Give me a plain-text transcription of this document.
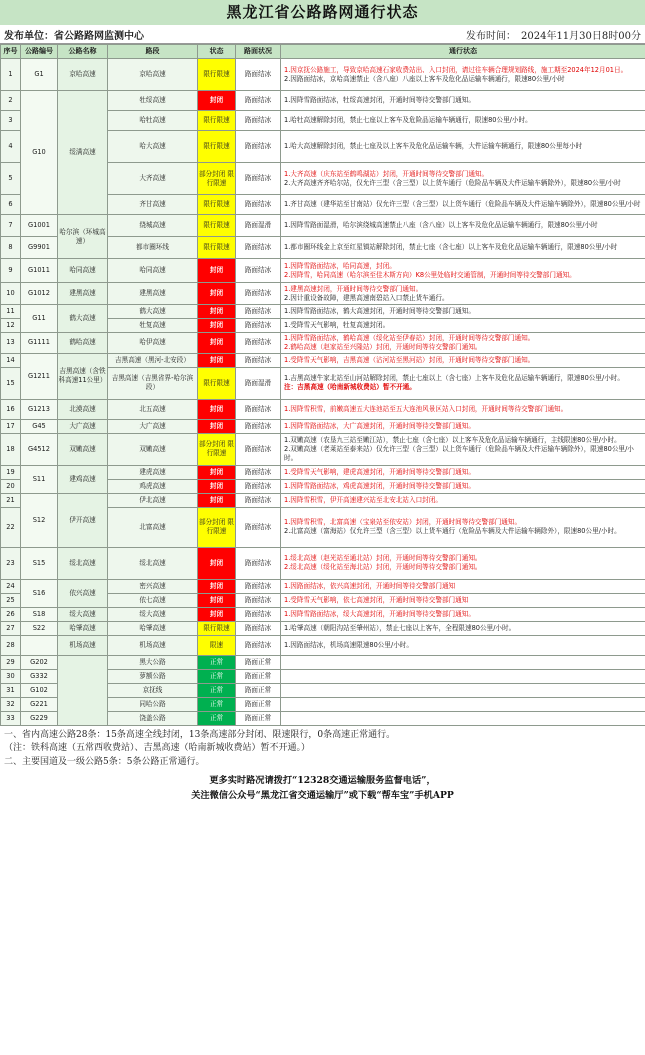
黑龙江省公路路网通行状态
发布单位：省公路路网监测中心	发布时间：　2024年11月30日8时00分
序号	公路编号	公路名称	路段	状态	路面状况	通行状态
1	G1	京哈高速	京哈高速	限行限速	路面结冰	1.因京抚公路施工，导致京哈高速石家收费站出、入口封闭，请过往车辆合理规划路线，施工期至2024年12月01日。
2.因路面结冰，京哈高速禁止（含八座）八座以上客车及危化品运输车辆通行，限速80公里/小时

2	G10	绥满高速	牡绥高速	封闭	路面结冰	1.因降雪路面结冰，牡绥高速封闭，开通时间等待交警部门通知。

3			哈牡高速	限行限速	路面结冰	1.哈牡高速解除封闭，禁止七座以上客车及危险品运输车辆通行，限速80公里/小时。

4			哈大高速	限行限速	路面结冰	1.哈大高速解除封闭，禁止七座及以上客车及危化品运输车辆，大件运输车辆通行，限速80公里每小时

5			大齐高速	部分封闭 限行限速	路面结冰	1.大齐高速（庆东站至鹤鸣湖站）封闭，开通时间等待交警部门通知。
2.大齐高速齐齐哈尔站，仅允许三型（含三型）以上货车通行（危险品车辆及大件运输车辆除外），限速80公里/小时

6			齐甘高速	限行限速	路面结冰	1.齐甘高速（建华站至甘南站）仅允许三型（含三型）以上货车通行（危险品车辆及大件运输车辆除外），限速80公里/小时

7	G1001	哈尔滨（环城高速）	绕城高速	限行限速	路面湿滑	1.因降雪路面湿滑，哈尔滨绕城高速禁止八座（含八座）以上客车及危化品运输车辆通行，限速80公里/小时

8	G9901		都市圈环线	限行限速	路面结冰	1.都市圈环线金上京至红星镇站解除封闭，禁止七座（含七座）以上客车及危化品运输车辆通行，限速80公里/小时

9	G1011	哈同高速	哈同高速	封闭	路面结冰	1.因降雪路面结冰，哈同高速，封闭。
2.因降雪，哈同高速（哈尔滨至佳木斯方向）K8公里处临时交通管制，开通时间等待交警部门通知。

10	G1012	建黑高速	建黑高速	封闭	路面结冰	1.建黑高速封闭，开通时间等待交警部门通知。
2.因计重设备故障，建黑高速南碧站入口禁止货车通行。

11	G11	鹤大高速	鹤大高速	封闭	路面结冰	1.因降雪路面结冰，鹤大高速封闭，开通时间等待交警部门通知。

12			牡复高速	封闭	路面结冰	1.受降雪天气影响，牡复高速封闭。

13	G1111	鹤哈高速	哈伊高速	封闭	路面结冰	1.因降雪路面结冰，鹤哈高速（绥化站至伊春站）封闭，开通时间等待交警部门通知。
2.鹤哈高速（赵家站至兴隆站）封闭，开通时间等待交警部门通知。

14	G1211	吉黑高速（含铁科高速11公里）	吉黑高速（黑河-北安段）	封闭	路面结冰	1.受降雪天气影响，吉黑高速（沾河站至黑河站）封闭，开通时间等待交警部门通知。

15			吉黑高速（吉黑省界-哈尔滨段）	限行限速	路面湿滑	1.吉黑高速牛家北站至山河站解除封闭，禁止七座以上（含七座）上客车及危化品运输车辆通行，限速80公里/小时。
注：吉黑高速（哈南新城收费站）暂不开通。

16	G1213	北漠高速	北五高速	封闭	路面结冰	1.因降雪积雪，前嫩高速五大连池站至五大连池风景区站入口封闭，开通时间等待交警部门通知。

17	G45	大广高速	大广高速	封闭	路面结冰	1.因降雪路面结冰，大广高速封闭，开通时间等待交警部门通知。

18	G4512	双嫩高速	双嫩高速	部分封闭 限行限速	路面结冰	1.双嫩高速（农垦九三站至嫩江站），禁止七座（含七座）以上客车及危化品运输车辆通行，主线限速80公里/小时。
2.双嫩高速（老莱站至泰来站）仅允许三型（含三型）以上货车通行（危险品车辆及大件运输车辆除外），限速80公里/小时。

19	S11	建鸡高速	建虎高速	封闭	路面结冰	1.受降雪天气影响，建虎高速封闭，开通时间等待交警部门通知。

20			鸡虎高速	封闭	路面结冰	1.因降雪路面结冰，鸡虎高速封闭，开通时间等待交警部门通知。

21	S12	伊开高速	伊北高速	封闭	路面结冰	1.因降雪积雪，伊开高速建兴站至北安北站入口封闭。

22			北富高速	部分封闭 限行限速	路面结冰	1.因降雪积雪，北富高速（宝泉站至依安站）封闭，开通时间等待交警部门通知。
2.北富高速（富海站）仅允许三型（含三型）以上货车通行（危险品车辆及大件运输车辆除外），限速80公里/小时。

23	S15	绥北高速	绥北高速	封闭	路面结冰	1.绥北高速（赵光站至通北站）封闭，开通时间等待交警部门通知。
2.绥北高速（绥化站至海北站）封闭，开通时间等待交警部门通知。

24	S16	依兴高速	密兴高速	封闭	路面结冰	1.因路面结冰，依兴高速封闭，开通时间等待交警部门通知

25			依七高速	封闭	路面结冰	1.受降雪天气影响，依七高速封闭，开通时间等待交警部门通知

26	S18	绥大高速	绥大高速	封闭	路面结冰	1.因降雪路面结冰，绥大高速封闭，开通时间等待交警部门通知。

27	S22	哈肇高速	哈肇高速	限行限速	路面结冰	1.哈肇高速（朝阳沟站至肇州站），禁止七座以上客车，全程限速80公里/小时。

28		机场高速	机场高速	限速	路面结冰	1.因路面结冰，机场高速限速80公里/小时。

29	G202		黑大公路	正常	路面正常	
30	G332		萝额公路	正常	路面正常	
31	G102		京抚线	正常	路面正常	
32	G221		同哈公路	正常	路面正常	
33	G229		饶盖公路	正常	路面正常	
一、省内高速公路28条：15条高速全线封闭，13条高速部分封闭、限速限行，0条高速正常通行。
（注：铁科高速（五常西收费站）、吉黑高速（哈南新城收费站）暂不开通。）
二、主要国道及一级公路5条：5条公路正常通行。
更多实时路况请拨打“12328交通运输服务监督电话”，
关注微信公众号“黑龙江省交通运输厅”或下载“帮车宝”手机APP
